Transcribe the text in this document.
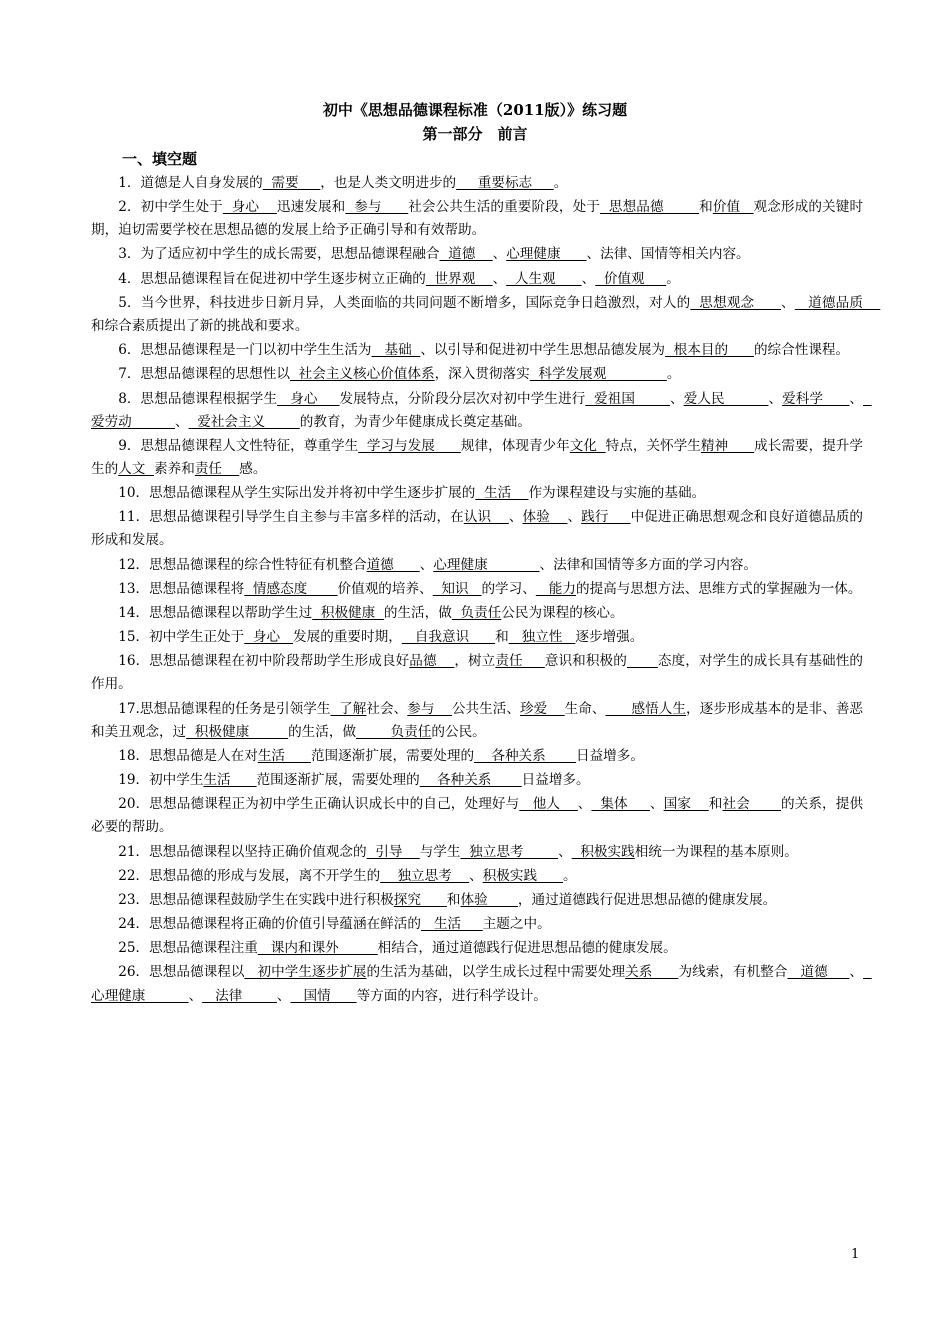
初中《思想品德课程标准（2011版）》练习题
第一部分　前言
一、填空题
1．道德是人自身发展的  需要     ，也是人类文明进步的     重要标志     。
2．初中学生处于  身心    迅速发展和  参与      社会公共生活的重要阶段，处于  思想品德        和价值   观念形成的关键时期，迫切需要学校在思想品德的发展上给予正确引导和有效帮助。
3．为了适应初中学生的成长需要，思想品德课程融合  道德    、心理健康      、法律、国情等相关内容。
4．思想品德课程旨在促进初中学生逐步树立正确的  世界观    、  人生观      、  价值观     。
5．当今世界，科技进步日新月异，人类面临的共同问题不断增多，国际竞争日趋激烈，对人的  思想观念      、   道德品质    和综合素质提出了新的挑战和要求。
6．思想品德课程是一门以初中学生生活为   基础  、以引导和促进初中学生思想品德发展为  根本目的      的综合性课程。
7．思想品德课程的思想性以  社会主义核心价值体系，深入贯彻落实  科学发展观              。
8．思想品德课程根据学生   身心     发展特点，分阶段分层次对初中学生进行  爱祖国        、爱人民          、爱科学      、  爱劳动          、  爱社会主义        的教育，为青少年健康成长奠定基础。
9．思想品德课程人文性特征，尊重学生  学习与发展      规律，体现青少年文化  特点，关怀学生精神      成长需要，提升学生的人文  素养和责任    感。
10．思想品德课程从学生实际出发并将初中学生逐步扩展的  生活    作为课程建设与实施的基础。
11．思想品德课程引导学生自主参与丰富多样的活动，在认识    、体验    、践行     中促进正确思想观念和良好道德品质的形成和发展。
12．思想品德课程的综合性特征有机整合道德      、心理健康            、法律和国情等多方面的学习内容。
13．思想品德课程将  情感态度       价值观的培养、  知识   的学习、   能力的提高与思想方法、思维方式的掌握融为一体。
14．思想品德课程以帮助学生过  积极健康  的生活，做  负责任公民为课程的核心。
15．初中学生正处于  身心   发展的重要时期，   自我意识      和   独立性   逐步增强。
16．思想品德课程在初中阶段帮助学生形成良好品德    ，树立责任     意识和积极的 态度，对学生的成长具有基础性的作用。
17.思想品德课程的任务是引领学生  了解社会、参与    公共生活、珍爱    生命、      感悟人生，逐步形成基本的是非、善恶和美丑观念，过  积极健康         的生活，做        负责任的公民。
18．思想品德是人在对生活      范围逐渐扩展，需要处理的    各种关系       日益增多。
19．初中学生生活      范围逐渐扩展，需要处理的    各种关系       日益增多。
20．思想品德课程正为初中学生正确认识成长中的自己，处理好与   他人    、  集体     、国家    和社会       的关系，提供必要的帮助。
21．思想品德课程以坚持正确价值观念的  引导    与学生  独立思考        、  积极实践相统一为课程的基本原则。
22．思想品德的形成与发展，离不开学生的    独立思考    、积极实践      。
23．思想品德课程鼓励学生在实践中进行积极探究      和体验       ，通过道德践行促进思想品德的健康发展。
24．思想品德课程将正确的价值引导蕴涵在鲜活的   生活     主题之中。
25．思想品德课程注重   课内和课外         相结合，通过道德践行促进思想品德的健康发展。
26．思想品德课程以   初中学生逐步扩展的生活为基础，以学生成长过程中需要处理关系      为线索，有机整合   道德     、  心理健康          、   法律        、   国情      等方面的内容，进行科学设计。
1
